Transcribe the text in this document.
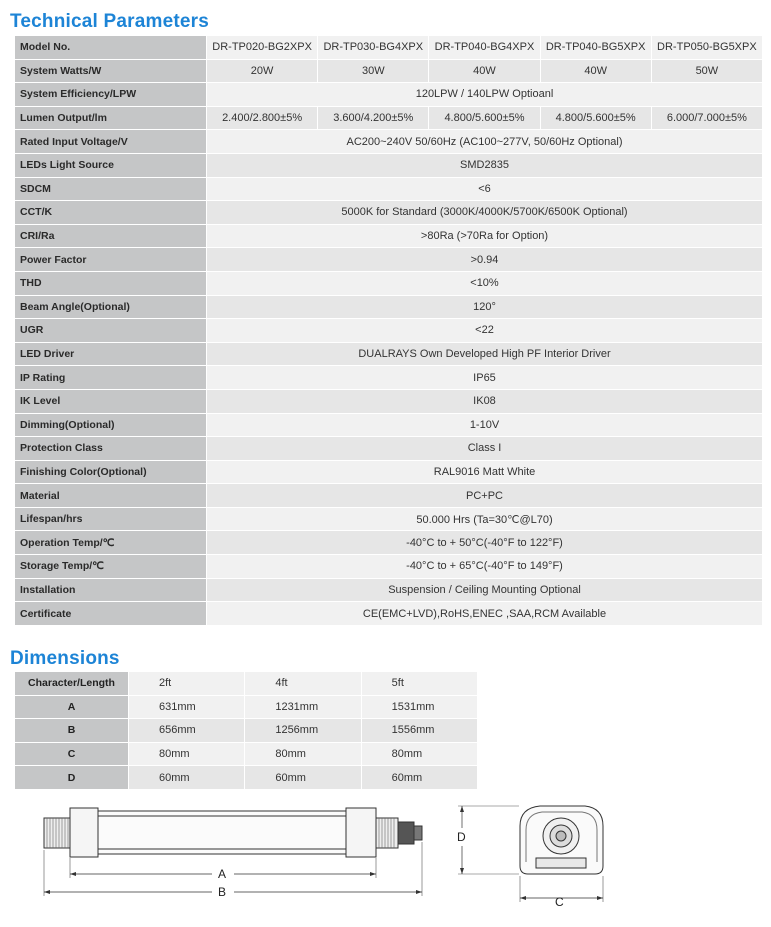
Technical Parameters
Model No.	DR-TP020-BG2XPX	DR-TP030-BG4XPX	DR-TP040-BG4XPX	DR-TP040-BG5XPX	DR-TP050-BG5XPX
System Watts/W	20W	30W	40W	40W	50W
System Efficiency/LPW	120LPW / 140LPW Optioanl				
Lumen Output/lm	2.400/2.800±5%	3.600/4.200±5%	4.800/5.600±5%	4.800/5.600±5%	6.000/7.000±5%
Rated Input Voltage/V	AC200~240V 50/60Hz (AC100~277V, 50/60Hz Optional)				
LEDs Light Source	SMD2835				
SDCM	<6				
CCT/K	5000K for Standard (3000K/4000K/5700K/6500K Optional)				
CRI/Ra	>80Ra (>70Ra for Option)				
Power Factor	>0.94				
THD	<10%				
Beam Angle(Optional)	120°				
UGR	<22				
LED Driver	DUALRAYS Own Developed High PF Interior Driver				
IP Rating	IP65				
IK Level	IK08				
Dimming(Optional)	1-10V				
Protection Class	Class I				
Finishing Color(Optional)	RAL9016 Matt White				
Material	PC+PC				
Lifespan/hrs	50.000 Hrs (Ta=30℃@L70)				
Operation Temp/℃	-40°C to + 50°C(-40°F to 122°F)				
Storage Temp/℃	-40°C to + 65°C(-40°F to 149°F)				
Installation	Suspension / Ceiling Mounting Optional				
Certificate	CE(EMC+LVD),RoHS,ENEC ,SAA,RCM Available				
Dimensions
Character/Length	2ft	4ft	5ft
A	631mm	1231mm	1531mm
B	656mm	1256mm	1556mm
C	80mm	80mm	80mm
D	60mm	60mm	60mm
A
B
D
C
